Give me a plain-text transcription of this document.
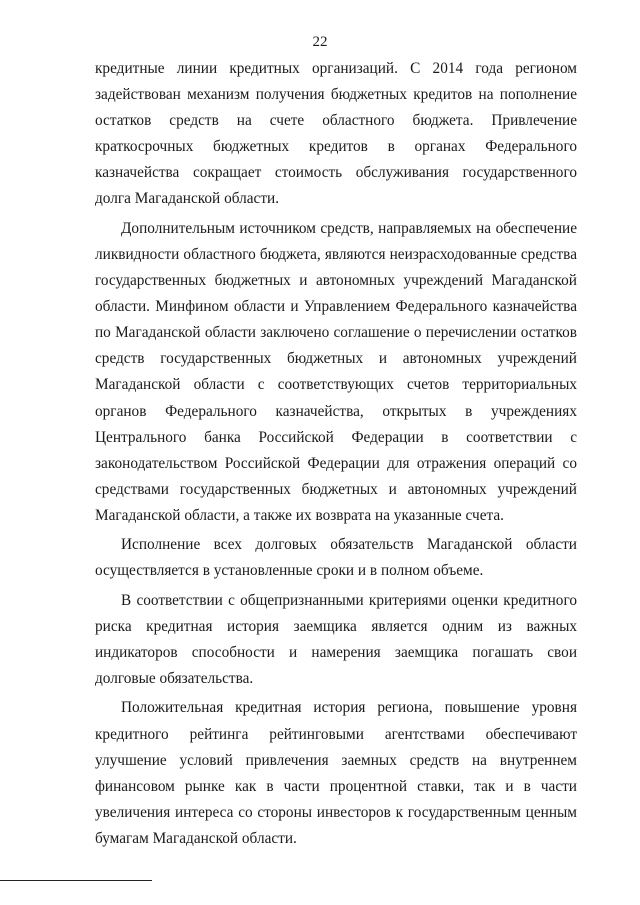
22

кредитные линии кредитных организаций. С 2014 года регионом задействован механизм получения бюджетных кредитов на пополнение остатков средств на счете областного бюджета. Привлечение краткосрочных бюджетных кредитов в органах Федерального казначейства сокращает стоимость обслуживания государственного долга Магаданской области.

Дополнительным источником средств, направляемых на обеспечение ликвидности областного бюджета, являются неизрасходованные средства государственных бюджетных и автономных учреждений Магаданской области. Минфином области и Управлением Федерального казначейства по Магаданской области заключено соглашение о перечислении остатков средств государственных бюджетных и автономных учреждений Магаданской области с соответствующих счетов территориальных органов Федерального казначейства, открытых в учреждениях Центрального банка Российской Федерации в соответствии с законодательством Российской Федерации для отражения операций со средствами государственных бюджетных и автономных учреждений Магаданской области, а также их возврата на указанные счета.

Исполнение всех долговых обязательств Магаданской области осуществляется в установленные сроки и в полном объеме.

В соответствии с общепризнанными критериями оценки кредитного риска кредитная история заемщика является одним из важных индикаторов способности и намерения заемщика погашать свои долговые обязательства.

Положительная кредитная история региона, повышение уровня кредитного рейтинга рейтинговыми агентствами обеспечивают улучшение условий привлечения заемных средств на внутреннем финансовом рынке как в части процентной ставки, так и в части увеличения интереса со стороны инвесторов к государственным ценным бумагам Магаданской области.
